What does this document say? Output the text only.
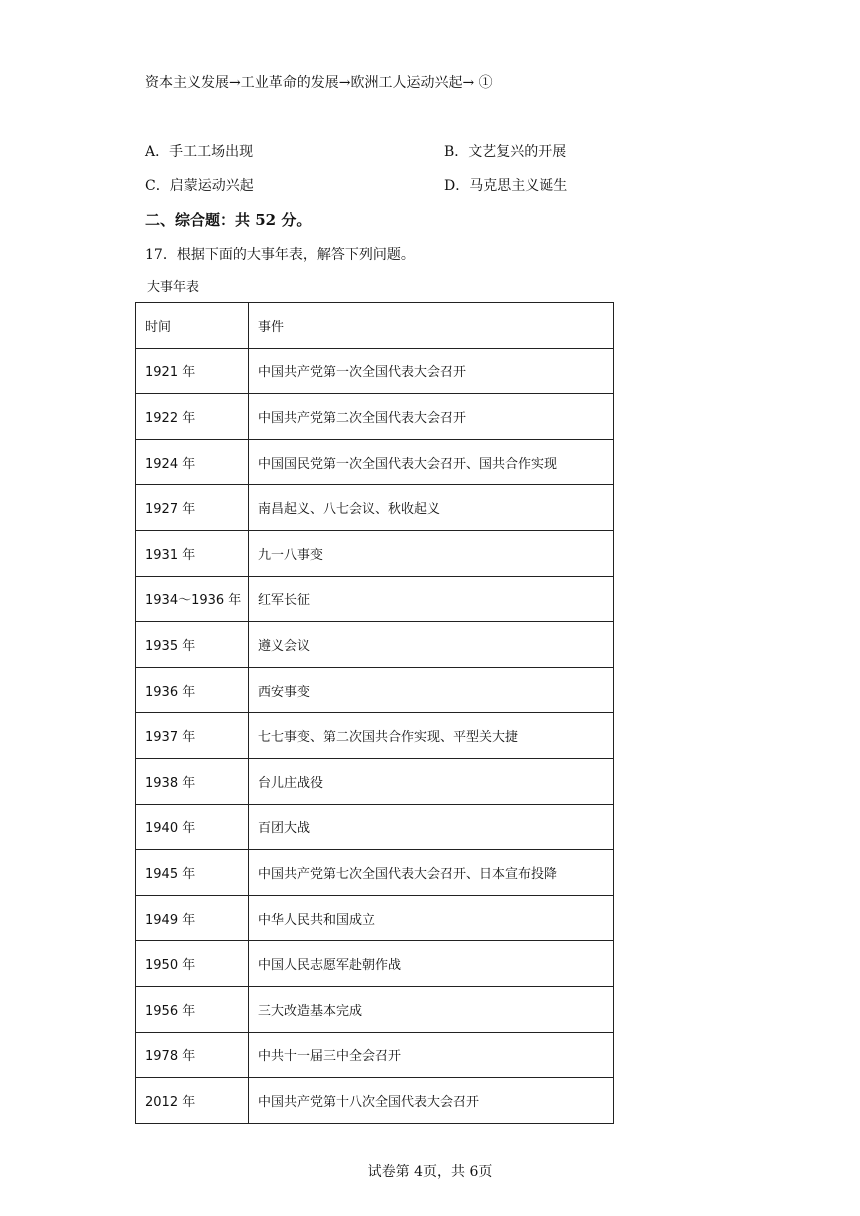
资本主义发展→工业革命的发展→欧洲工人运动兴起→ ①
A．手工工场出现	B．文艺复兴的开展
C．启蒙运动兴起	D．马克思主义诞生
二、综合题：共 52 分。
17．根据下面的大事年表，解答下列问题。
大事年表
时间	事件
1921 年	中国共产党第一次全国代表大会召开
1922 年	中国共产党第二次全国代表大会召开
1924 年	中国国民党第一次全国代表大会召开、国共合作实现
1927 年	南昌起义、八七会议、秋收起义
1931 年	九一八事变
1934～1936 年	红军长征
1935 年	遵义会议
1936 年	西安事变
1937 年	七七事变、第二次国共合作实现、平型关大捷
1938 年	台儿庄战役
1940 年	百团大战
1945 年	中国共产党第七次全国代表大会召开、日本宣布投降
1949 年	中华人民共和国成立
1950 年	中国人民志愿军赴朝作战
1956 年	三大改造基本完成
1978 年	中共十一届三中全会召开
2012 年	中国共产党第十八次全国代表大会召开
试卷第 4页，共 6页
